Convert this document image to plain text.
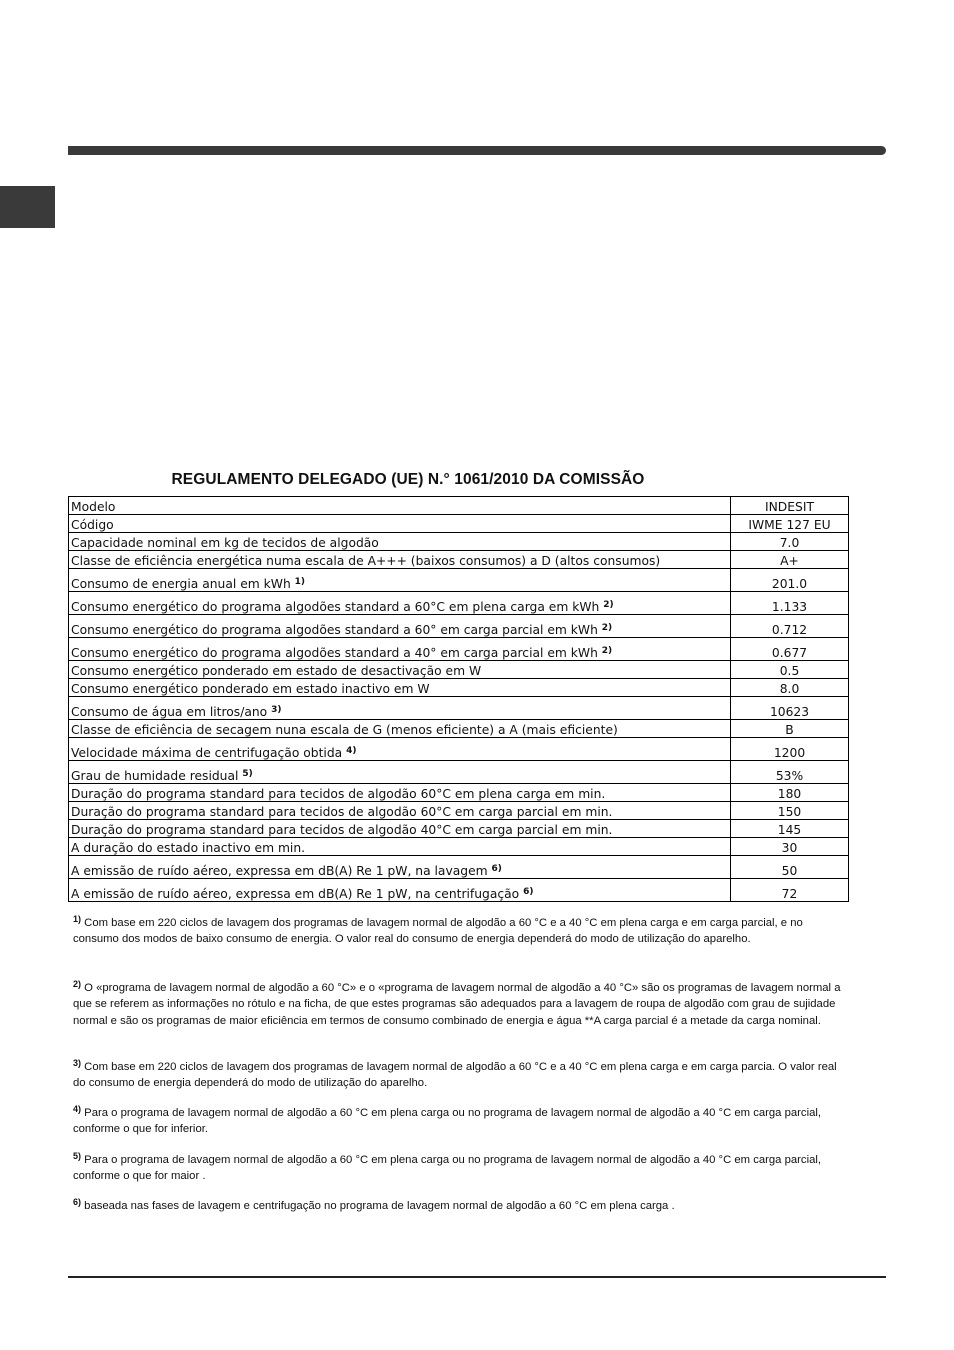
REGULAMENTO DELEGADO (UE) N.° 1061/2010 DA COMISSÃO
Modelo	INDESIT
Código	IWME 127 EU
Capacidade nominal em kg de tecidos de algodão	7.0
Classe de eficiência energética numa escala de A+++ (baixos consumos) a D (altos consumos)	A+
Consumo de energia anual em kWh $^{1)}$	201.0
Consumo energético do programa algodões standard a 60°C em plena carga em kWh $^{2)}$	1.133
Consumo energético do programa algodões standard a 60° em carga parcial em kWh $^{2)}$	0.712
Consumo energético do programa algodões standard a 40° em carga parcial em kWh $^{2)}$	0.677
Consumo energético ponderado em estado de desactivação em W	0.5
Consumo energético ponderado em estado inactivo em W	8.0
Consumo de água em litros/ano $^{3)}$	10623
Classe de eficiência de secagem nuna escala de G (menos eficiente) a A (mais eficiente)	B
Velocidade máxima de centrifugação obtida $^{4)}$	1200
Grau de humidade residual $^{5)}$	53%
Duração do programa standard para tecidos de algodão 60°C em plena carga em min.	180
Duração do programa standard para tecidos de algodão 60°C em carga parcial em min.	150
Duração do programa standard para tecidos de algodão 40°C em carga parcial em min.	145
A duração do estado inactivo em min.	30
A emissão de ruído aéreo, expressa em dB(A) Re 1 pW, na lavagem $^{6)}$	50
A emissão de ruído aéreo, expressa em dB(A) Re 1 pW, na centrifugação $^{6)}$	72
$^{1)}$ Com base em 220 ciclos de lavagem dos programas de lavagem normal de algodão a 60 °C e a 40 °C em plena carga e em carga parcial, e no consumo dos modos de baixo consumo de energia. O valor real do consumo de energia dependerá do modo de utilização do aparelho.
$^{2)}$ O «programa de lavagem normal de algodão a 60 °C» e o «programa de lavagem normal de algodão a 40 °C» são os programas de lavagem normal a que se referem as informações no rótulo e na ficha, de que estes programas são adequados para a lavagem de roupa de algodão com grau de sujidade normal e são os programas de maior eficiência em termos de consumo combinado de energia e água **A carga parcial é a metade da carga nominal.
$^{3)}$ Com base em 220 ciclos de lavagem dos programas de lavagem normal de algodão a 60 °C e a 40 °C em plena carga e em carga parcia. O valor real do consumo de energia dependerá do modo de utilização do aparelho.
$^{4)}$ Para o programa de lavagem normal de algodão a 60 °C em plena carga ou no programa de lavagem normal de algodão a 40 °C em carga parcial, conforme o que for inferior.
$^{5)}$ Para o programa de lavagem normal de algodão a 60 °C em plena carga ou no programa de lavagem normal de algodão a 40 °C em carga parcial, conforme o que for maior .
$^{6)}$ baseada nas fases de lavagem e centrifugação no programa de lavagem normal de algodão a 60 °C em plena carga .
